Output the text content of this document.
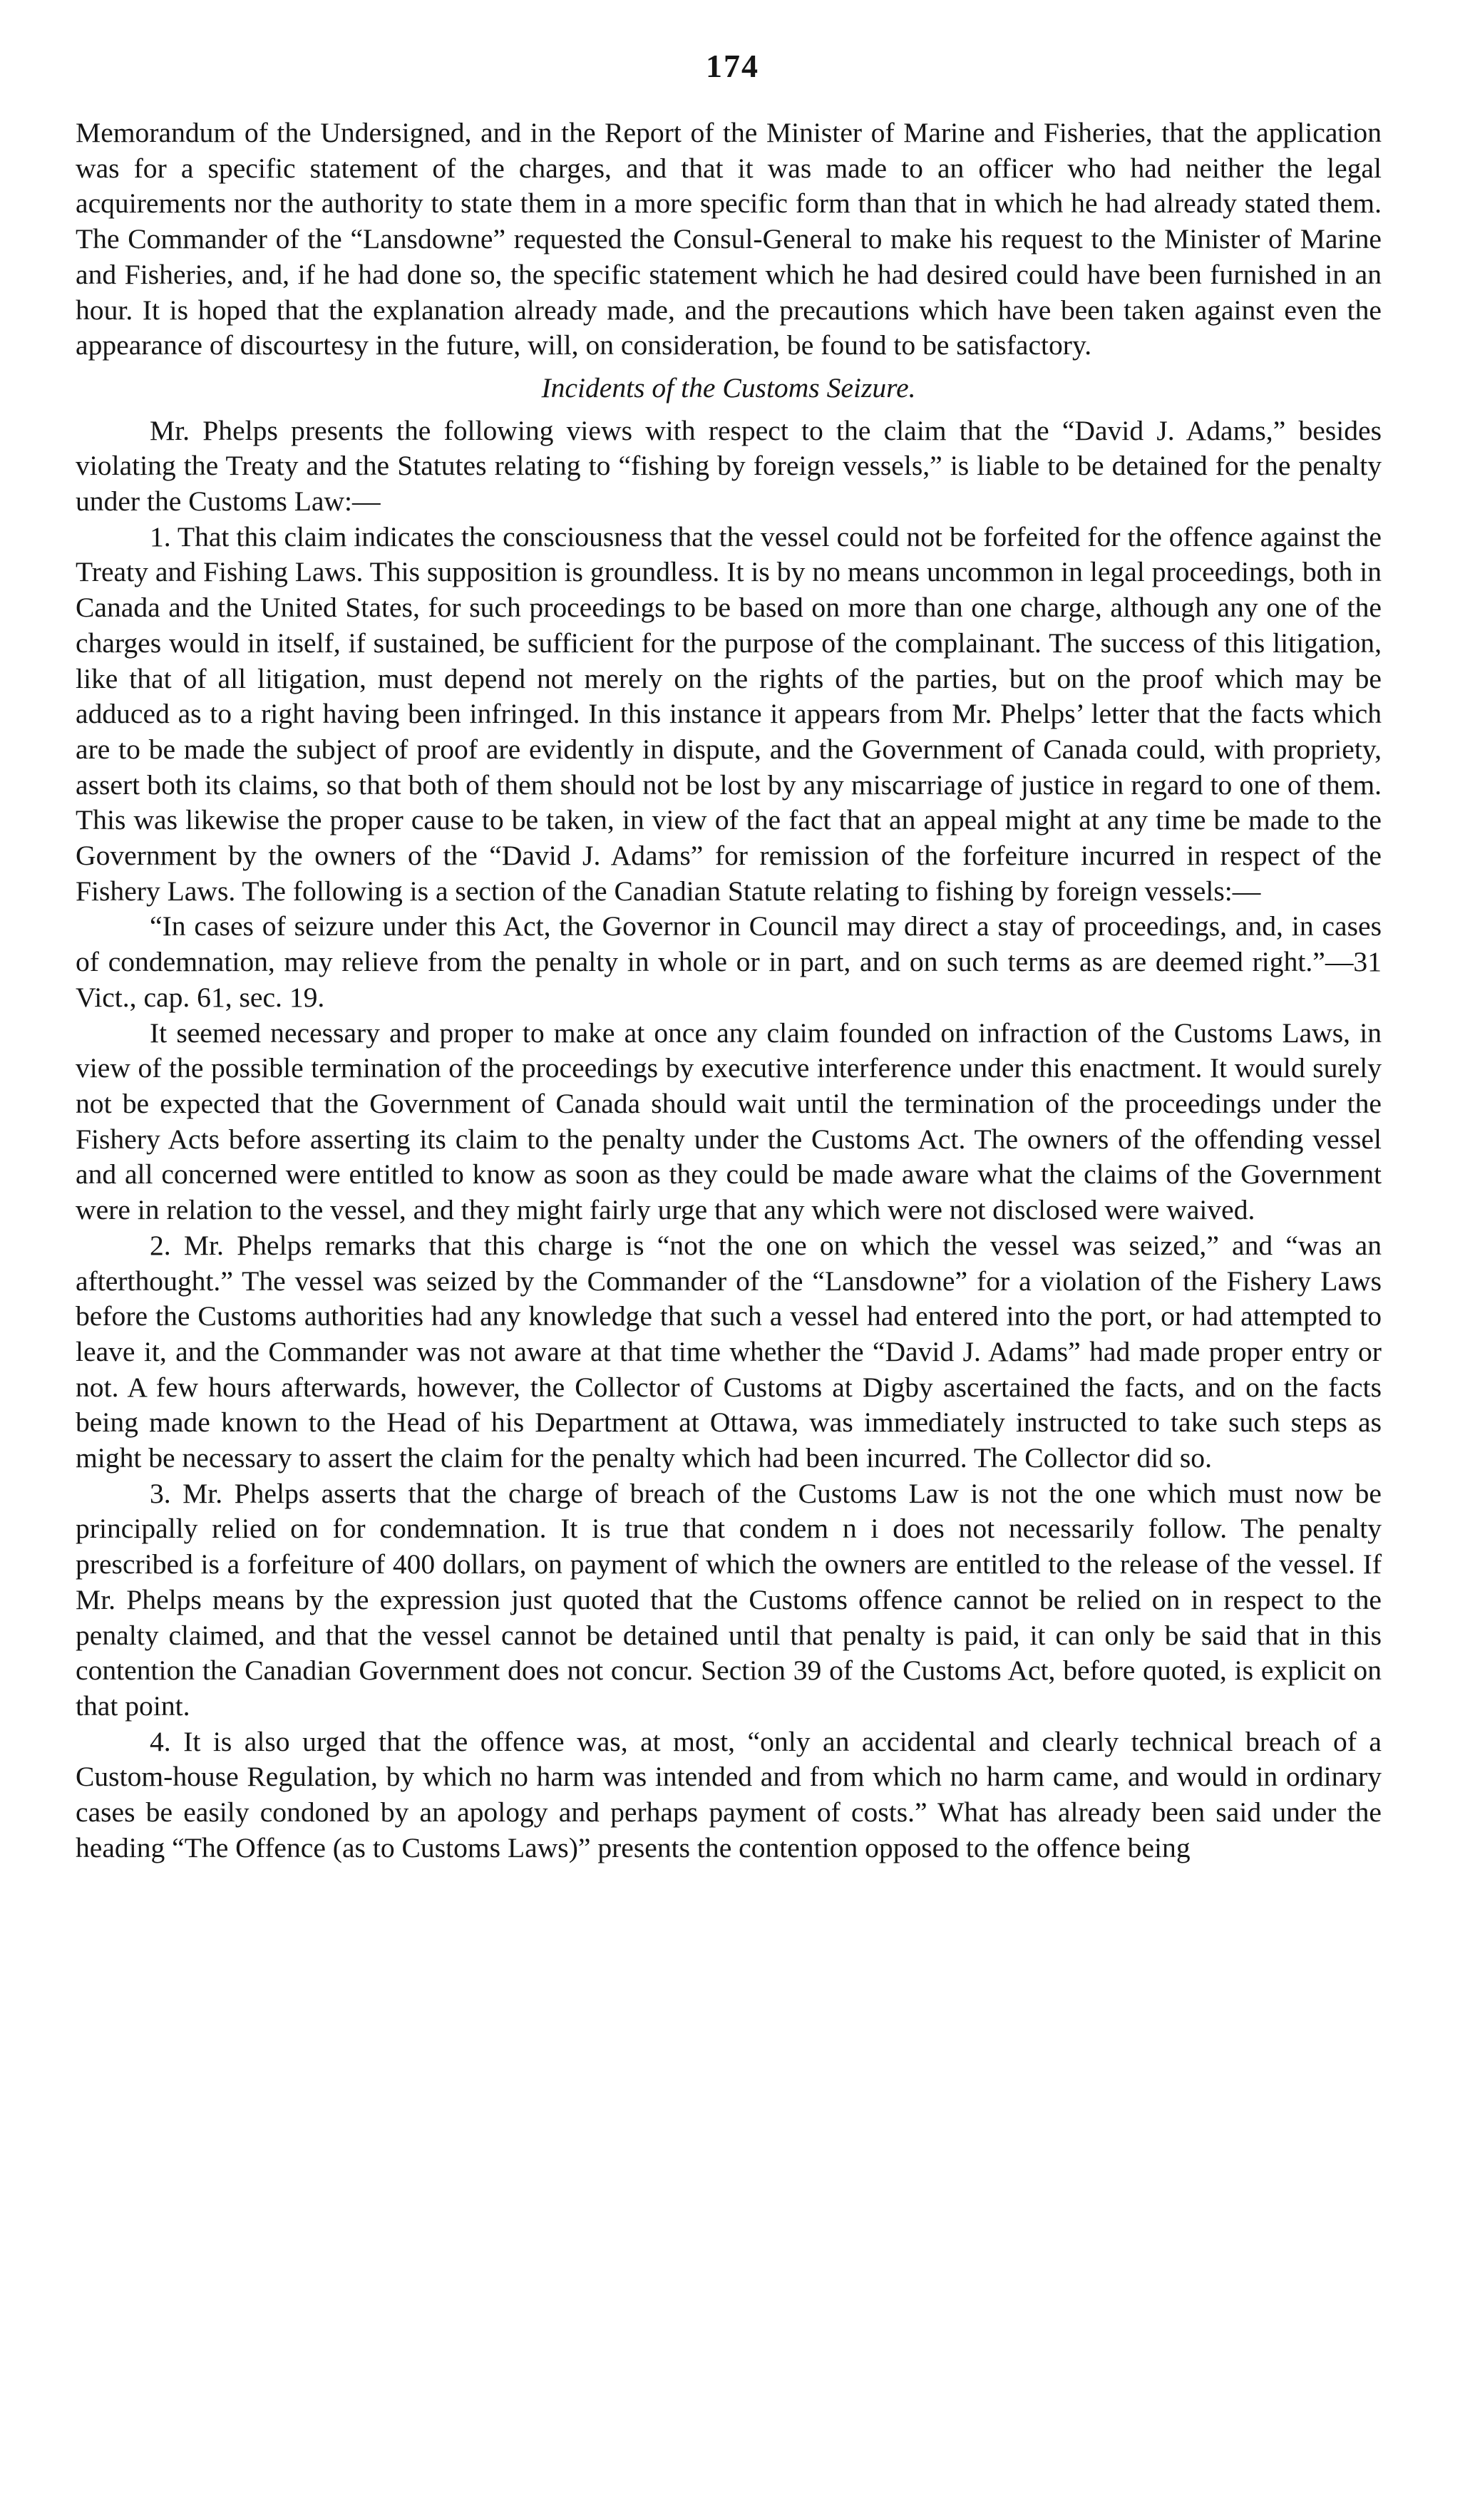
174

Memorandum of the Undersigned, and in the Report of the Minister of Marine and Fisheries, that the application was for a specific statement of the charges, and that it was made to an officer who had neither the legal acquirements nor the authority to state them in a more specific form than that in which he had already stated them. The Commander of the “Lansdowne” requested the Consul-General to make his request to the Minister of Marine and Fisheries, and, if he had done so, the specific statement which he had desired could have been furnished in an hour. It is hoped that the explanation already made, and the precautions which have been taken against even the appearance of discourtesy in the future, will, on consideration, be found to be satisfactory.

Incidents of the Customs Seizure.

Mr. Phelps presents the following views with respect to the claim that the “David J. Adams,” besides violating the Treaty and the Statutes relating to “fishing by foreign vessels,” is liable to be detained for the penalty under the Customs Law:—

1. That this claim indicates the consciousness that the vessel could not be forfeited for the offence against the Treaty and Fishing Laws. This supposition is groundless. It is by no means uncommon in legal proceedings, both in Canada and the United States, for such proceedings to be based on more than one charge, although any one of the charges would in itself, if sustained, be sufficient for the purpose of the complainant. The success of this litigation, like that of all litigation, must depend not merely on the rights of the parties, but on the proof which may be adduced as to a right having been infringed. In this instance it appears from Mr. Phelps’ letter that the facts which are to be made the subject of proof are evidently in dispute, and the Government of Canada could, with propriety, assert both its claims, so that both of them should not be lost by any miscarriage of justice in regard to one of them. This was likewise the proper cause to be taken, in view of the fact that an appeal might at any time be made to the Government by the owners of the “David J. Adams” for remission of the forfeiture incurred in respect of the Fishery Laws. The following is a section of the Canadian Statute relating to fishing by foreign vessels:—

“In cases of seizure under this Act, the Governor in Council may direct a stay of proceedings, and, in cases of condemnation, may relieve from the penalty in whole or in part, and on such terms as are deemed right.”—31 Vict., cap. 61, sec. 19.

It seemed necessary and proper to make at once any claim founded on infraction of the Customs Laws, in view of the possible termination of the proceedings by executive interference under this enactment. It would surely not be expected that the Government of Canada should wait until the termination of the proceedings under the Fishery Acts before asserting its claim to the penalty under the Customs Act. The owners of the offending vessel and all concerned were entitled to know as soon as they could be made aware what the claims of the Government were in relation to the vessel, and they might fairly urge that any which were not disclosed were waived.

2. Mr. Phelps remarks that this charge is “not the one on which the vessel was seized,” and “was an afterthought.” The vessel was seized by the Commander of the “Lansdowne” for a violation of the Fishery Laws before the Customs authorities had any knowledge that such a vessel had entered into the port, or had attempted to leave it, and the Commander was not aware at that time whether the “David J. Adams” had made proper entry or not. A few hours afterwards, however, the Collector of Customs at Digby ascertained the facts, and on the facts being made known to the Head of his Department at Ottawa, was immediately instructed to take such steps as might be necessary to assert the claim for the penalty which had been incurred. The Collector did so.

3. Mr. Phelps asserts that the charge of breach of the Customs Law is not the one which must now be principally relied on for condemnation. It is true that condem n i does not necessarily follow. The penalty prescribed is a forfeiture of 400 dollars, on payment of which the owners are entitled to the release of the vessel. If Mr. Phelps means by the expression just quoted that the Customs offence cannot be relied on in respect to the penalty claimed, and that the vessel cannot be detained until that penalty is paid, it can only be said that in this contention the Canadian Government does not concur. Section 39 of the Customs Act, before quoted, is explicit on that point.

4. It is also urged that the offence was, at most, “only an accidental and clearly technical breach of a Custom-house Regulation, by which no harm was intended and from which no harm came, and would in ordinary cases be easily condoned by an apology and perhaps payment of costs.” What has already been said under the heading “The Offence (as to Customs Laws)” presents the contention opposed to the offence being
